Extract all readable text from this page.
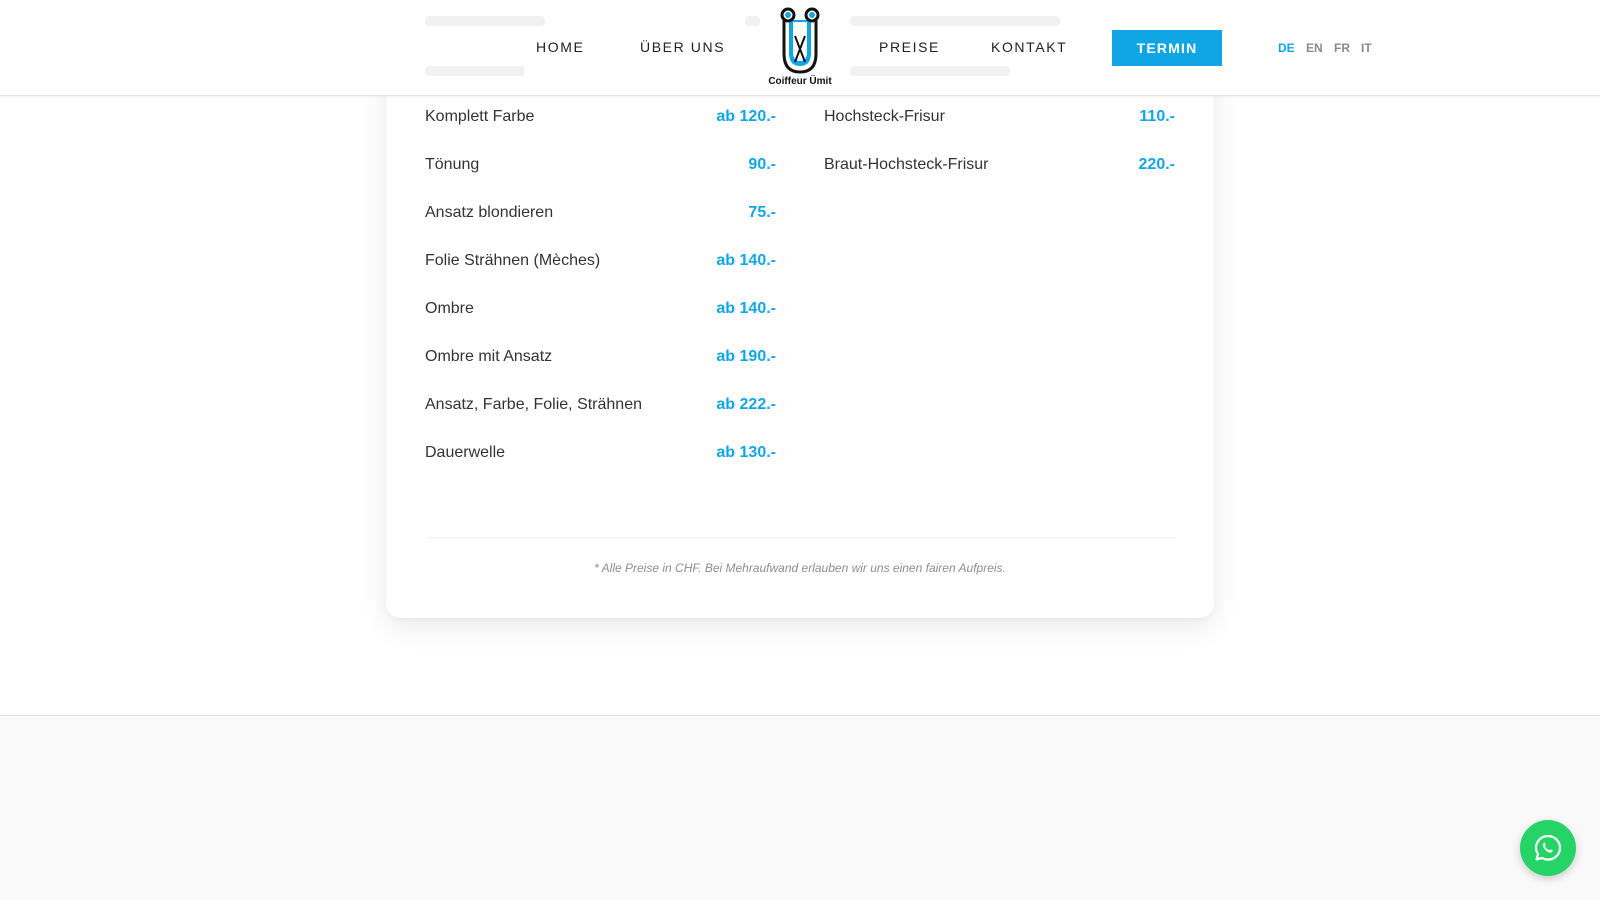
HOME	ÜBER UNS
Coiffeur Ümit
PREISE	KONTAKT	TERMIN	DE EN FR IT
Komplett Farbe	ab 120.-
Tönung	90.-
Ansatz blondieren	75.-
Folie Strähnen (Mèches)	ab 140.-
Ombre	ab 140.-
Ombre mit Ansatz	ab 190.-
Ansatz, Farbe, Folie, Strähnen	ab 222.-
Dauerwelle	ab 130.-
Hochsteck-Frisur	110.-
Braut-Hochsteck-Frisur	220.-
* Alle Preise in CHF. Bei Mehraufwand erlauben wir uns einen fairen Aufpreis.
